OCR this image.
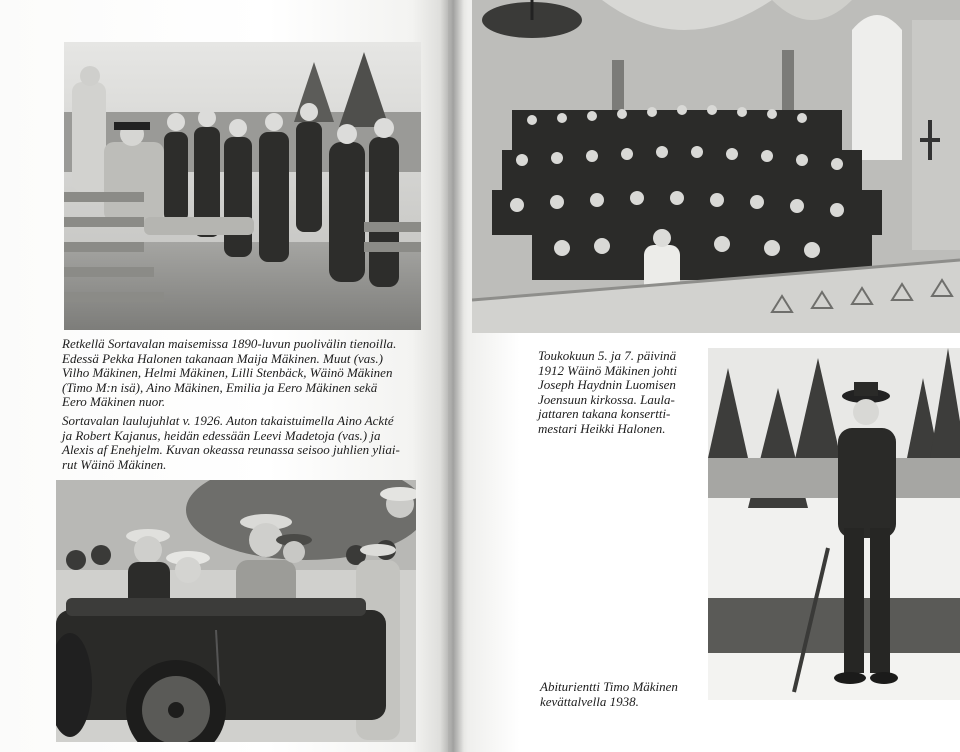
Retkellä Sortavalan maisemissa 1890-luvun puolivälin tienoilla.
Edessä Pekka Halonen takanaan Maija Mäkinen. Muut (vas.)
Vilho Mäkinen, Helmi Mäkinen, Lilli Stenbäck, Wäinö Mäkinen
(Timo M:n isä), Aino Mäkinen, Emilia ja Eero Mäkinen sekä
Eero Mäkinen nuor.
Sortavalan laulujuhlat v. 1926. Auton takaistuimella Aino Ackté
ja Robert Kajanus, heidän edessään Leevi Madetoja (vas.) ja
Alexis af Enehjelm. Kuvan okeassa reunassa seisoo juhlien yliai-
rut Wäinö Mäkinen.
Toukokuun 5. ja 7. päivinä
1912 Wäinö Mäkinen johti
Joseph Haydnin Luomisen
Joensuun kirkossa. Laula-
jattaren takana konsertti-
mestari Heikki Halonen.
Abiturientti Timo Mäkinen
kevättalvella 1938.
